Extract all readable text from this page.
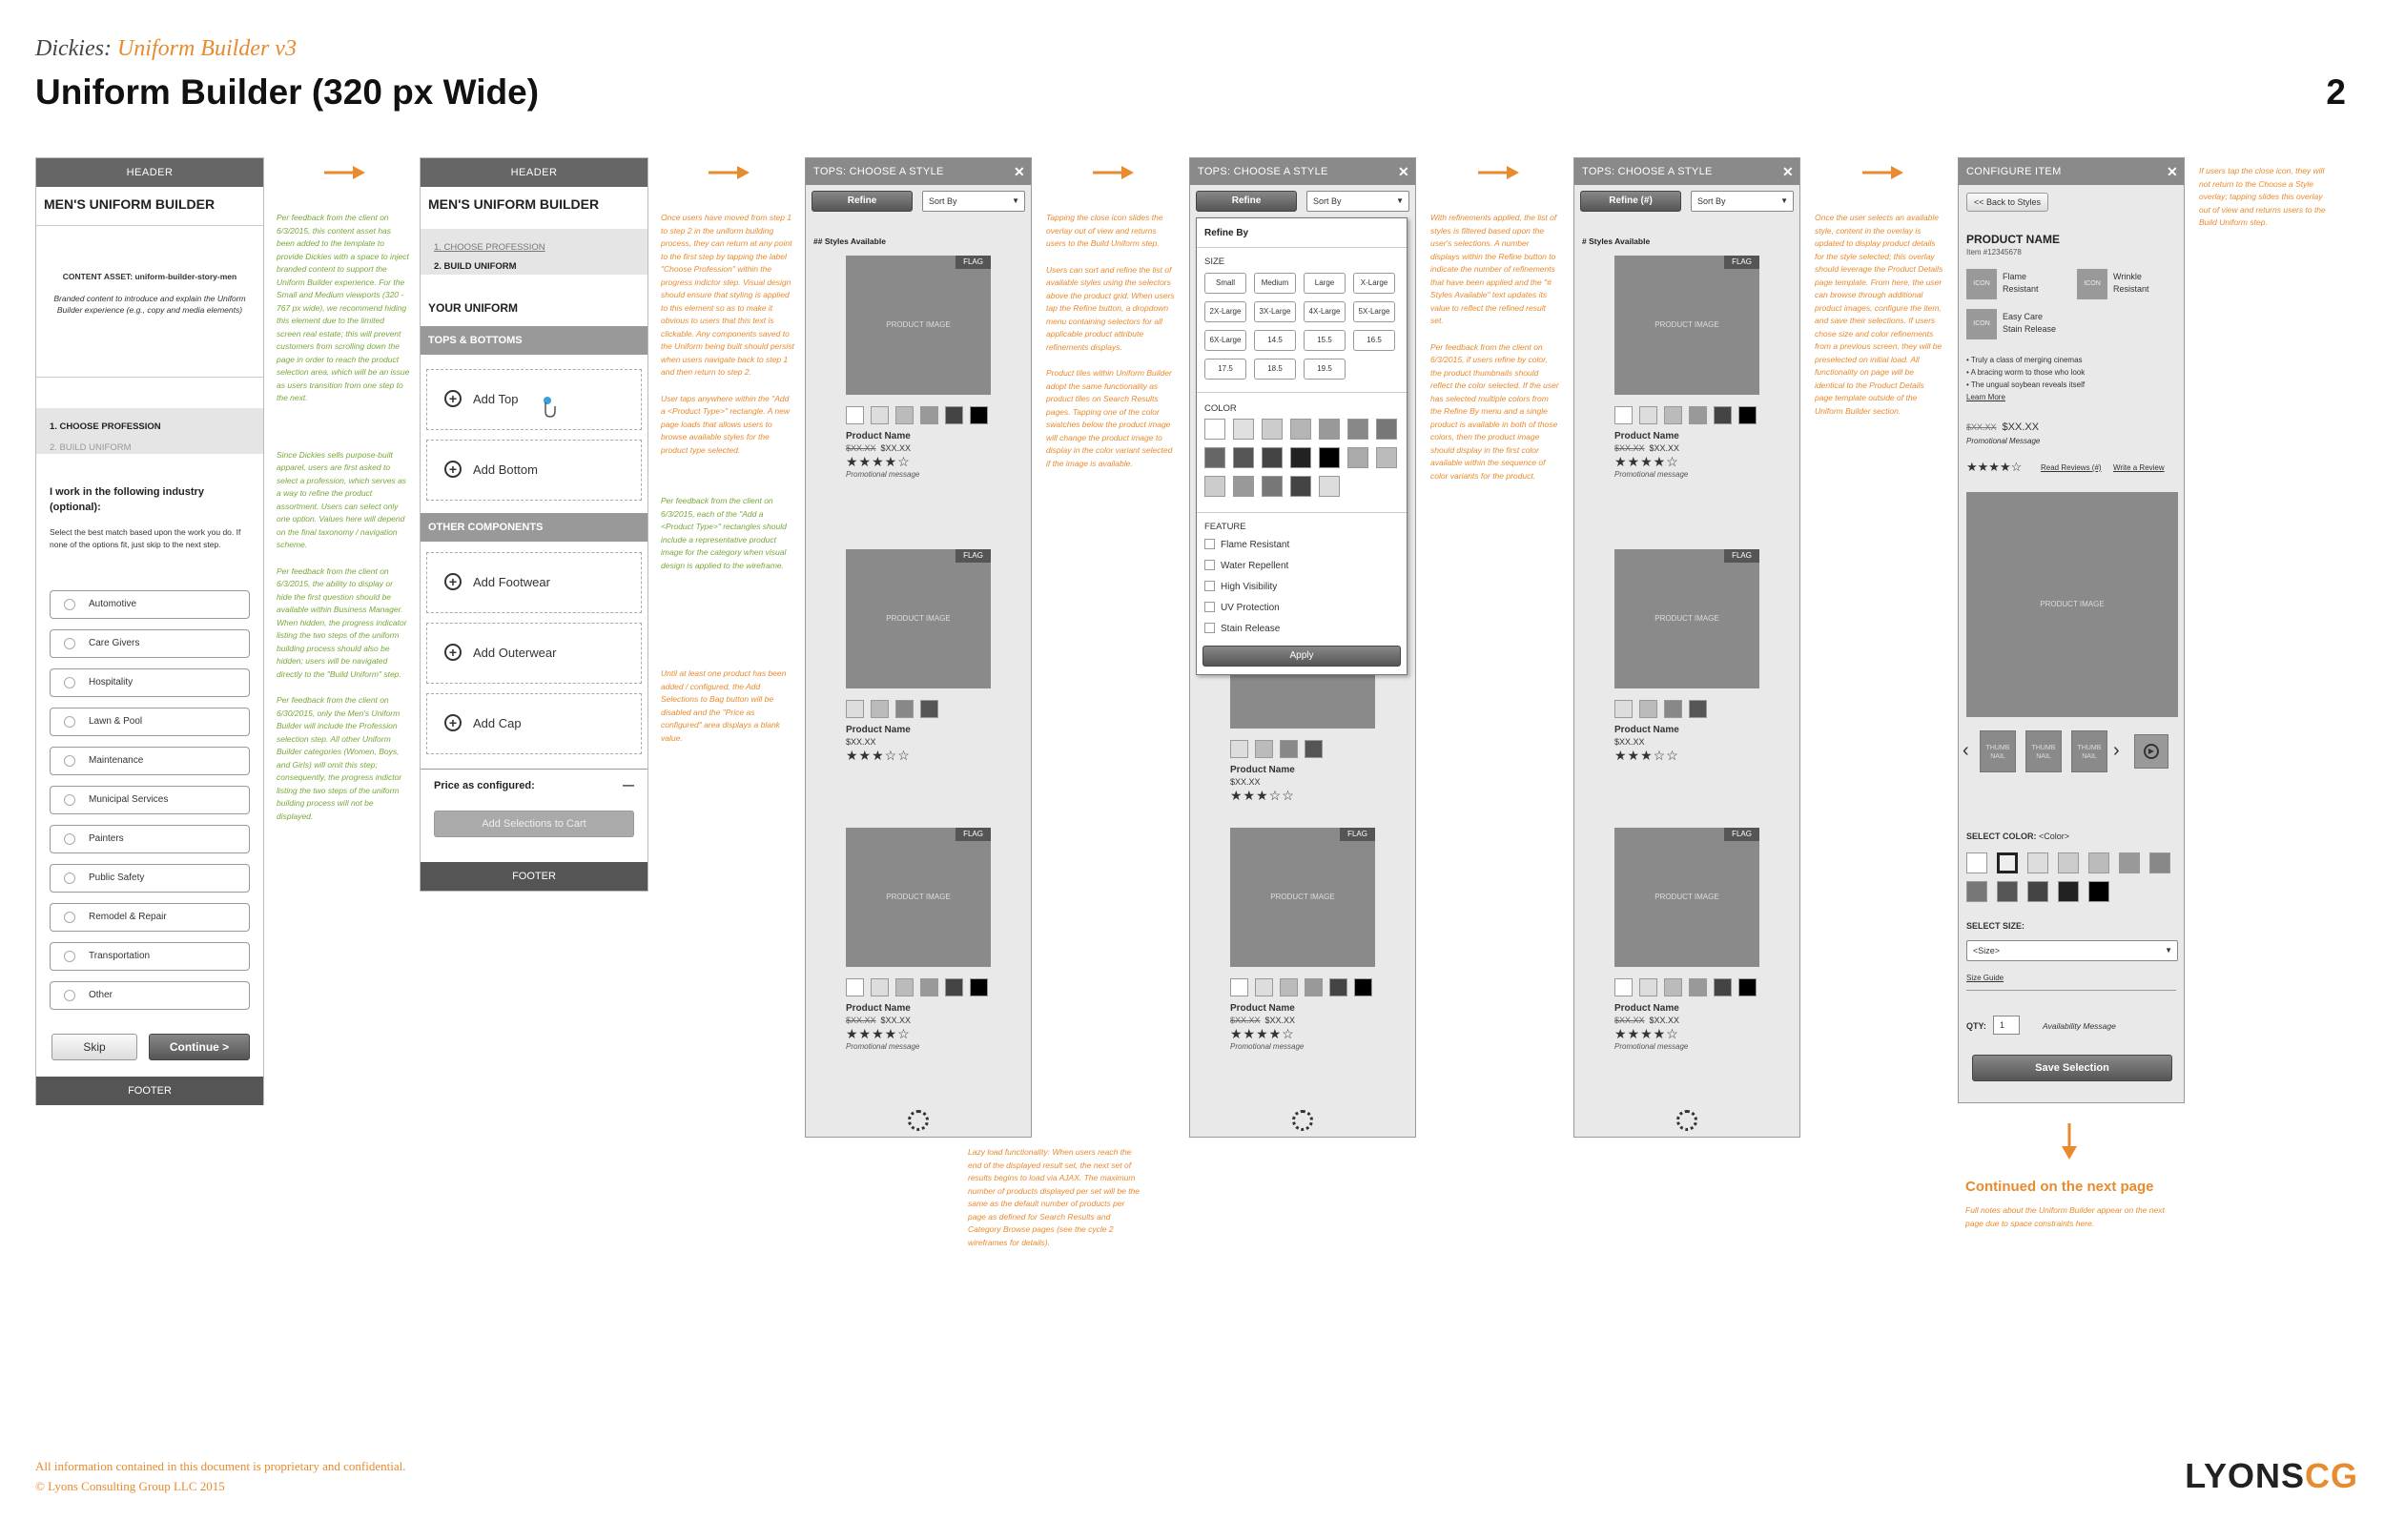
Dickies: Uniform Builder v3
Uniform Builder (320 px Wide)	2
HEADER
MEN'S UNIFORM BUILDER
CONTENT ASSET: uniform-builder-story-men
Branded content to introduce and explain the Uniform Builder experience (e.g., copy and media elements)
1. CHOOSE PROFESSION
2. BUILD UNIFORM
I work in the following industry (optional):
Select the best match based upon the work you do. If none of the options fit, just skip to the next step.
Automotive
Care Givers
Hospitality
Lawn & Pool
Maintenance
Municipal Services
Painters
Public Safety
Remodel & Repair
Transportation
Other
Skip	Continue >
FOOTER

Per feedback from the client on 6/3/2015, this content asset has been added to the template to provide Dickies with a space to inject branded content to support the Uniform Builder experience. For the Small and Medium viewports (320 - 767 px wide), we recommend hiding this element due to the limited screen real estate; this will prevent customers from scrolling down the page in order to reach the product selection area, which will be an issue as users transition from one step to the next.

Since Dickies sells purpose-built apparel, users are first asked to select a profession, which serves as a way to refine the product assortment. Users can select only one option. Values here will depend on the final taxonomy / navigation scheme.

Per feedback from the client on 6/3/2015, the ability to display or hide the first question should be available within Business Manager. When hidden, the progress indicator listing the two steps of the uniform building process should also be hidden; users will be navigated directly to the "Build Uniform" step.

Per feedback from the client on 6/30/2015, only the Men's Uniform Builder will include the Profession selection step. All other Uniform Builder categories (Women, Boys, and Girls) will omit this step; consequently, the progress indictor listing the two steps of the uniform building process will not be displayed.

HEADER
MEN'S UNIFORM BUILDER
1. CHOOSE PROFESSION
2. BUILD UNIFORM
YOUR UNIFORM
TOPS & BOTTOMS
+	Add Top
+	Add Bottom
OTHER COMPONENTS
+	Add Footwear
+	Add Outerwear
+	Add Cap
Price as configured:	—
Add Selections to Cart
FOOTER

Once users have moved from step 1 to step 2 in the uniform building process, they can return at any point to the first step by tapping the label "Choose Profession" within the progress indictor step. Visual design should ensure that styling is applied to this element so as to make it obvious to users that this text is clickable. Any components saved to the Uniform being built should persist when users navigate back to step 1 and then return to step 2.

User taps anywhere within the "Add a <Product Type>" rectangle. A new page loads that allows users to browse available styles for the product type selected.

Per feedback from the client on 6/3/2015, each of the "Add a <Product Type>" rectangles should include a representative product image for the category when visual design is applied to the wireframe.

Until at least one product has been added / configured, the Add Selections to Bag button will be disabled and the "Price as configured" area displays a blank value.

TOPS: CHOOSE A STYLE	✕
Refine	Sort By ▼
## Styles Available
PRODUCT IMAGE
FLAG
Product Name
$XX.XX $XX.XX
★★★★☆
Promotional message
PRODUCT IMAGE
FLAG
Product Name
$XX.XX
★★★☆☆
PRODUCT IMAGE
FLAG
Product Name
$XX.XX $XX.XX
★★★★☆
Promotional message

Tapping the close icon slides the overlay out of view and returns users to the Build Uniform step.

Users can sort and refine the list of available styles using the selectors above the product grid. When users tap the Refine button, a dropdown menu containing selectors for all applicable product attribute refinements displays.

Product tiles within Uniform Builder adopt the same functionality as product tiles on Search Results pages. Tapping one of the color swatches below the product image will change the product image to display in the color variant selected if the image is available.

Lazy load functionality: When users reach the end of the displayed result set, the next set of results begins to load via AJAX. The maximum number of products displayed per set will be the same as the default number of products per page as defined for Search Results and Category Browse pages (see the cycle 2 wireframes for details).
TOPS: CHOOSE A STYLE	✕
Refine	Sort By ▼
Product Name
$XX.XX
★★★☆☆
PRODUCT IMAGE
FLAG
Product Name
$XX.XX $XX.XX
★★★★☆
Promotional message
Refine By
SIZE
Small	Medium	Large	X-Large
2X-Large	3X-Large	4X-Large	5X-Large
6X-Large	14.5	15.5	16.5
17.5	18.5	19.5
COLOR
FEATURE
Flame Resistant
Water Repellent
High Visibility
UV Protection
Stain Release
Apply

With refinements applied, the list of styles is filtered based upon the user's selections. A number displays within the Refine button to indicate the number of refinements that have been applied and the "# Styles Available" text updates its value to reflect the refined result set.

Per feedback from the client on 6/3/2015, if users refine by color, the product thumbnails should reflect the color selected. If the user has selected multiple colors from the Refine By menu and a single product is available in both of those colors, then the product image should display in the first color available within the sequence of color variants for the product.

TOPS: CHOOSE A STYLE	✕
Refine (#)	Sort By ▼
# Styles Available
PRODUCT IMAGE
FLAG
Product Name
$XX.XX $XX.XX
★★★★☆
Promotional message
PRODUCT IMAGE
FLAG
Product Name
$XX.XX
★★★☆☆
PRODUCT IMAGE
FLAG
Product Name
$XX.XX $XX.XX
★★★★☆
Promotional message
Once the user selects an available style, content in the overlay is updated to display product details for the style selected; this overlay should leverage the Product Details page template. From here, the user can browse through additional product images, configure the item, and save their selections. If users chose size and color refinements from a previous screen, they will be preselected on initial load. All functionality on page will be identical to the Product Details page template outside of the Uniform Builder section.
CONFIGURE ITEM	✕
<< Back to Styles
PRODUCT NAME
Item #12345678
ICON
Flame Resistant
ICON
Wrinkle Resistant
ICON
Easy Care Stain Release
• Truly a class of merging cinemas
• A bracing worm to those who look
• The ungual soybean reveals itself
Learn More
$XX.XX $XX.XX
Promotional Message
★★★★☆ Read Reviews (#) Write a Review
PRODUCT IMAGE
‹	THUMB NAIL
THUMB NAIL
THUMB NAIL ›	▶
SELECT COLOR: <Color>
SELECT SIZE:
<Size> ▼
Size Guide
QTY:	1	Availability Message
Save Selection
If users tap the close icon, they will not return to the Choose a Style overlay; tapping slides this overlay out of view and returns users to the Build Uniform step.
Continued on the next page
Full notes about the Uniform Builder appear on the next page due to space constraints here.
All information contained in this document is proprietary and confidential.
© Lyons Consulting Group LLC 2015	LYONSCG
